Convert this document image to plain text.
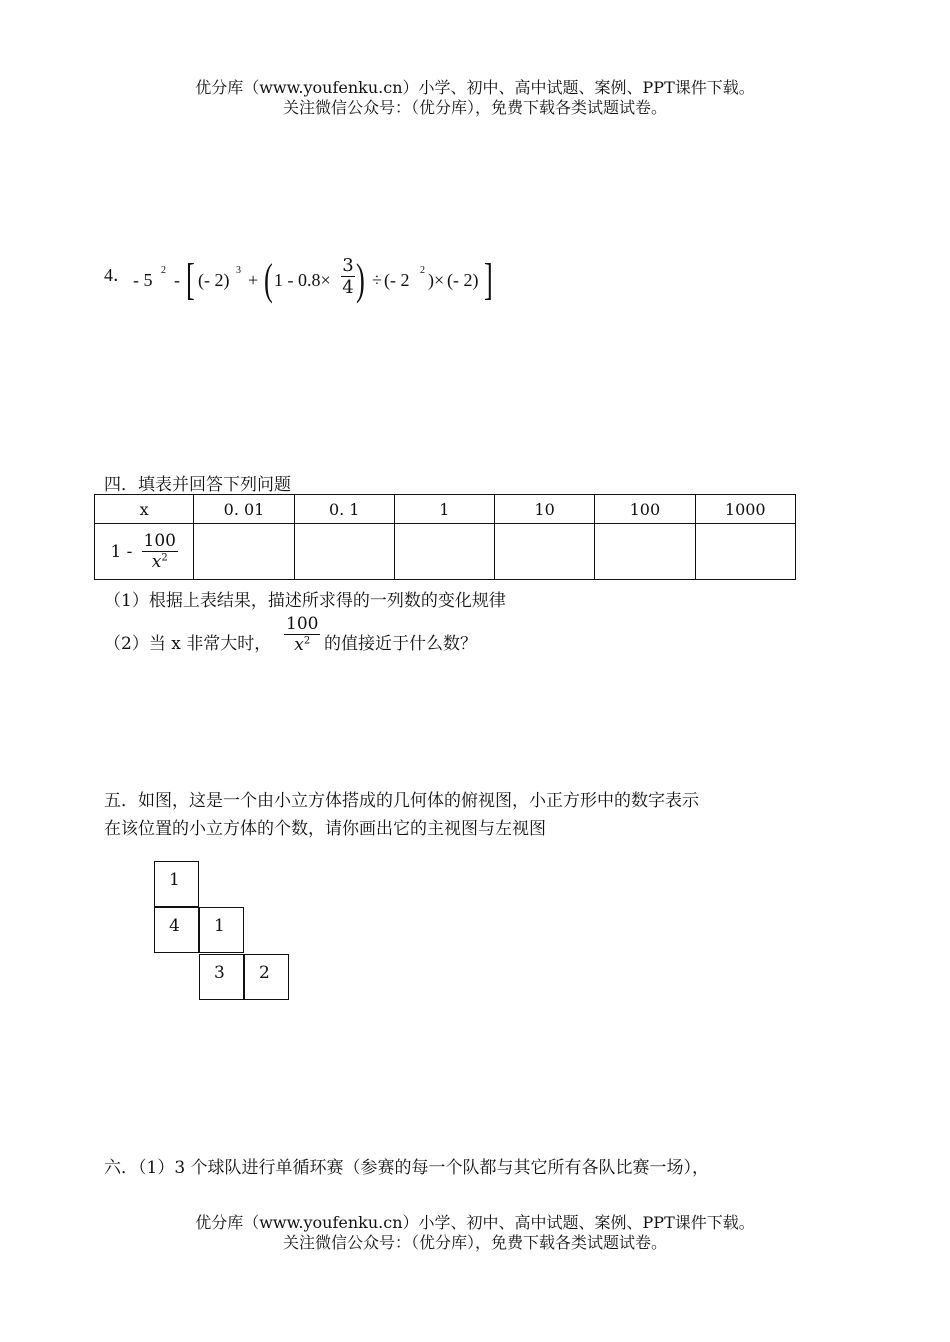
优分库（www.youfenku.cn）小学、初中、高中试题、案例、PPT课件下载。
关注微信公众号：（优分库），免费下载各类试题试卷。
4． - 5 2 - [ (- 2) 3 + ( 1 - 0.8×
3
4 ) ÷ (- 2 2 )× (- 2) ]
四．填表并回答下列问题
x	0. 01	0. 1	1	10	100	1000
$1 - \frac{100}{x^2}$

（1）根据上表结果，描述所求得的一列数的变化规律
（2）当 x 非常大时，
100
$x^2$ 的值接近于什么数？
五．如图，这是一个由小立方体搭成的几何体的俯视图，小正方形中的数字表示
在该位置的小立方体的个数，请你画出它的主视图与左视图
1
4	1
3	2
六．（1）3 个球队进行单循环赛（参赛的每一个队都与其它所有各队比赛一场），
优分库（www.youfenku.cn）小学、初中、高中试题、案例、PPT课件下载。
关注微信公众号：（优分库），免费下载各类试题试卷。
